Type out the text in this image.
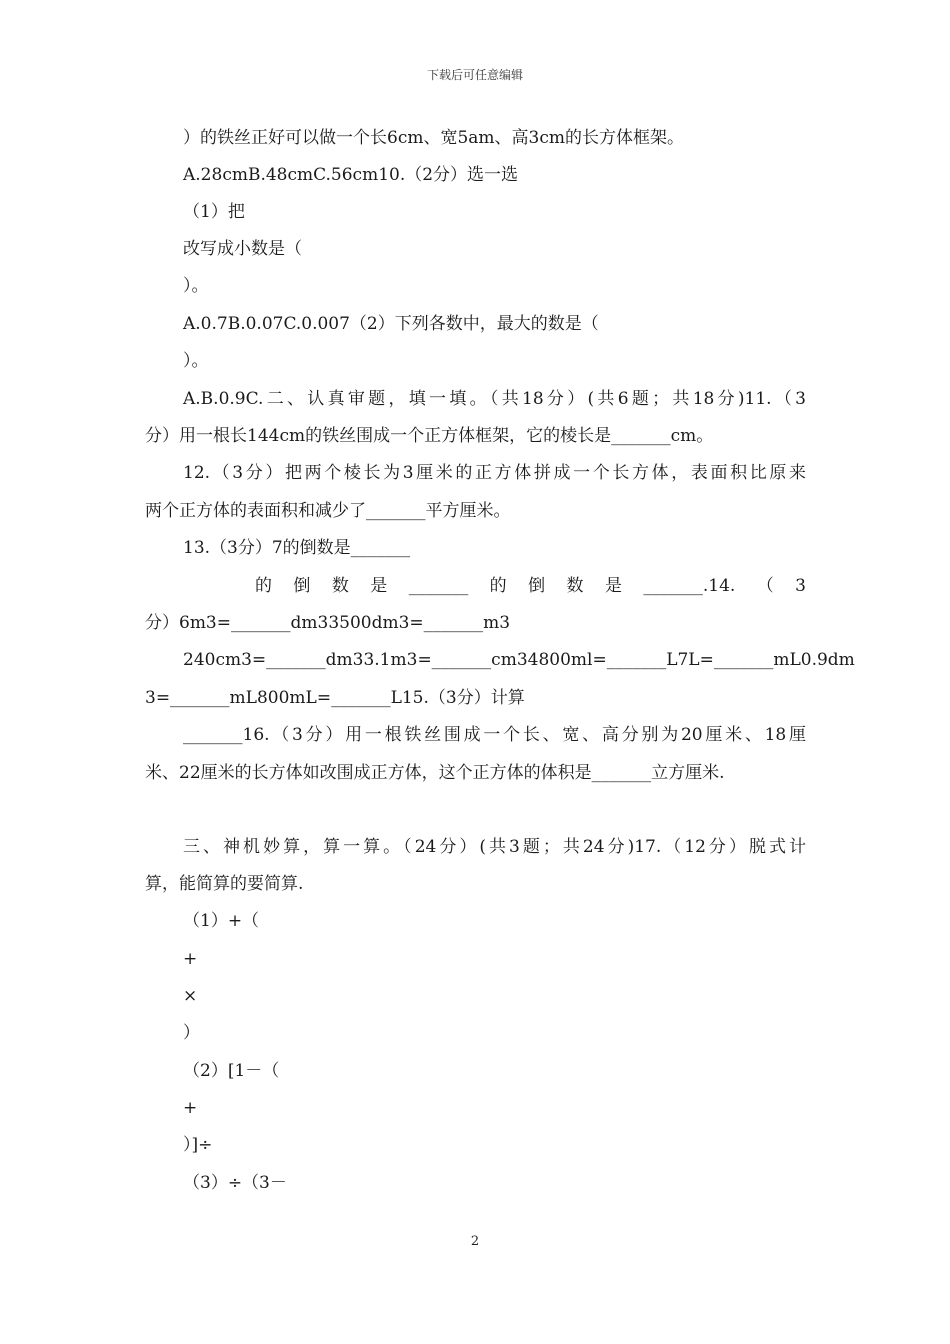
下载后可任意编辑
）的铁丝正好可以做一个长6cm、宽5am、高3cm的长方体框架。
A.28cmB.48cmC.56cm10.（2分）选一选
（1）把
改写成小数是（
）。
A.0.7B.0.07C.0.007（2）下列各数中，最大的数是（
）。
A.B.0.9C.二、认真审题，填一填。（共18分）(共6题；共18分)11.（3
分）用一根长144cm的铁丝围成一个正方体框架，它的棱长是_______cm。
12.（3分）把两个棱长为3厘米的正方体拼成一个长方体，表面积比原来
两个正方体的表面积和减少了_______平方厘米。
13.（3分）7的倒数是_______
的倒数是_______的倒数是_______.14.（3
分）6m3=_______dm33500dm3=_______m3
240cm3=_______dm33.1m3=_______cm34800ml=_______L7L=_______mL0.9dm
3=_______mL800mL=_______L15.（3分）计算
_______16.（3分）用一根铁丝围成一个长、宽、高分别为20厘米、18厘
米、22厘米的长方体如改围成正方体，这个正方体的体积是_______立方厘米.
三、神机妙算，算一算。（24分）(共3题；共24分)17.（12分）脱式计
算，能简算的要简算.
（1）+（
+
×
）
（2）[1－（
+
）]÷
（3）÷（3－
2
